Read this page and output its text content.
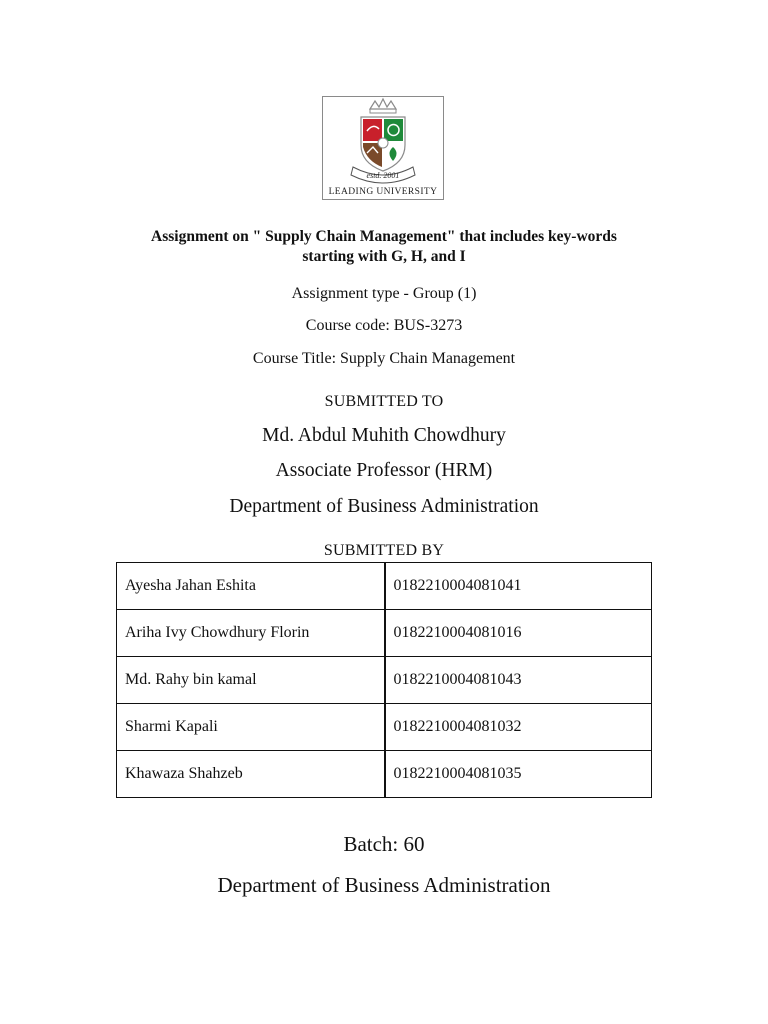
estd. 2001
LEADING UNIVERSITY
Assignment on " Supply Chain Management" that includes key-words
starting with G, H, and I
Assignment type - Group (1)
Course code: BUS-3273
Course Title: Supply Chain Management
SUBMITTED TO
Md. Abdul Muhith Chowdhury
Associate Professor (HRM)
Department of Business Administration
SUBMITTED BY
Ayesha Jahan Eshita	0182210004081041
Ariha Ivy Chowdhury Florin	0182210004081016
Md. Rahy bin kamal	0182210004081043
Sharmi Kapali	0182210004081032
Khawaza Shahzeb	0182210004081035
Batch: 60
Department of Business Administration
